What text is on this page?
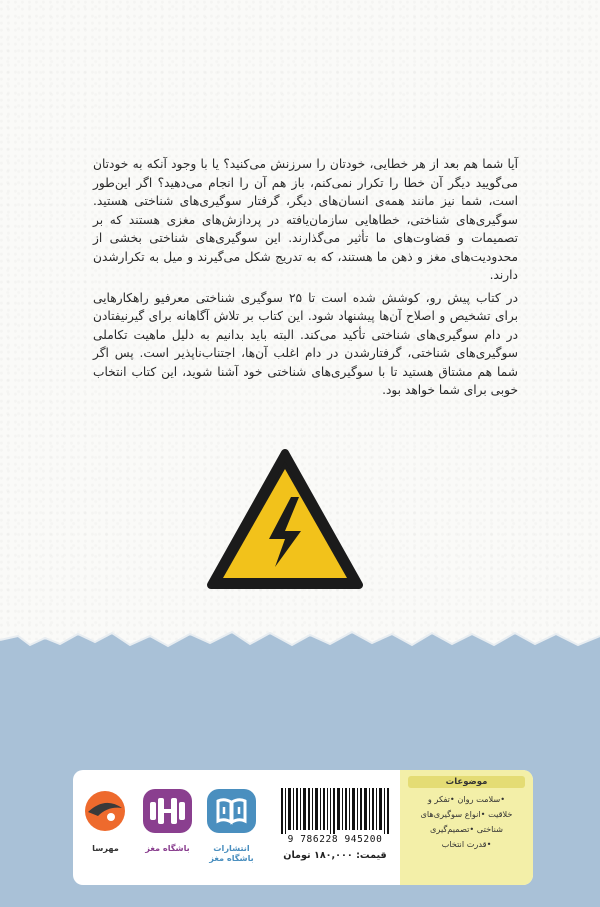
آیا شما هم بعد از هر خطایی، خودتان را سرزنش می‌کنید؟ یا با وجود آنکه به خودتان می‌گویید دیگر آن خطا را تکرار نمی‌کنم، باز هم آن را انجام می‌دهید؟ اگر این‌طور است، شما نیز مانند همه‌ی انسان‌های دیگر، گرفتار سوگیری‌های شناختی هستید. سوگیری‌های شناختی، خطاهایی سازمان‌یافته در پردازش‌های مغزی هستند که بر تصمیمات و قضاوت‌های ما تأثیر می‌گذارند. این سوگیری‌های شناختی بخشی از محدودیت‌های مغز و ذهن ما هستند، که به تدریج شکل می‌گیرند و میل به تکرارشدن دارند.

در کتاب پیش رو، کوشش شده است تا ۲۵ سوگیری شناختی معرفیو راهکارهایی برای تشخیص و اصلاح آن‌ها پیشنهاد شود. این کتاب بر تلاش آگاهانه برای گیرنیفتادن در دام سوگیری‌های شناختی تأکید می‌کند. البته باید بدانیم به دلیل ماهیت تکاملی سوگیری‌های شناختی، گرفتارشدن در دام اغلب آن‌ها، اجتناب‌ناپذیر است. پس اگر شما هم مشتاق هستید تا با سوگیری‌های شناختی خود آشنا شوید، این کتاب انتخاب خوبی برای شما خواهد بود.

موضوعات
•سلامت روان •تفکر و
خلاقیت •انواع سوگیری‌های
شناختی •تصمیم‌گیری
•قدرت انتخاب
9 786228 945200
قیمت: ۱۸۰,۰۰۰ تومان
انتشارات باشگاه مغز
باشگاه مغز
مهرسا
